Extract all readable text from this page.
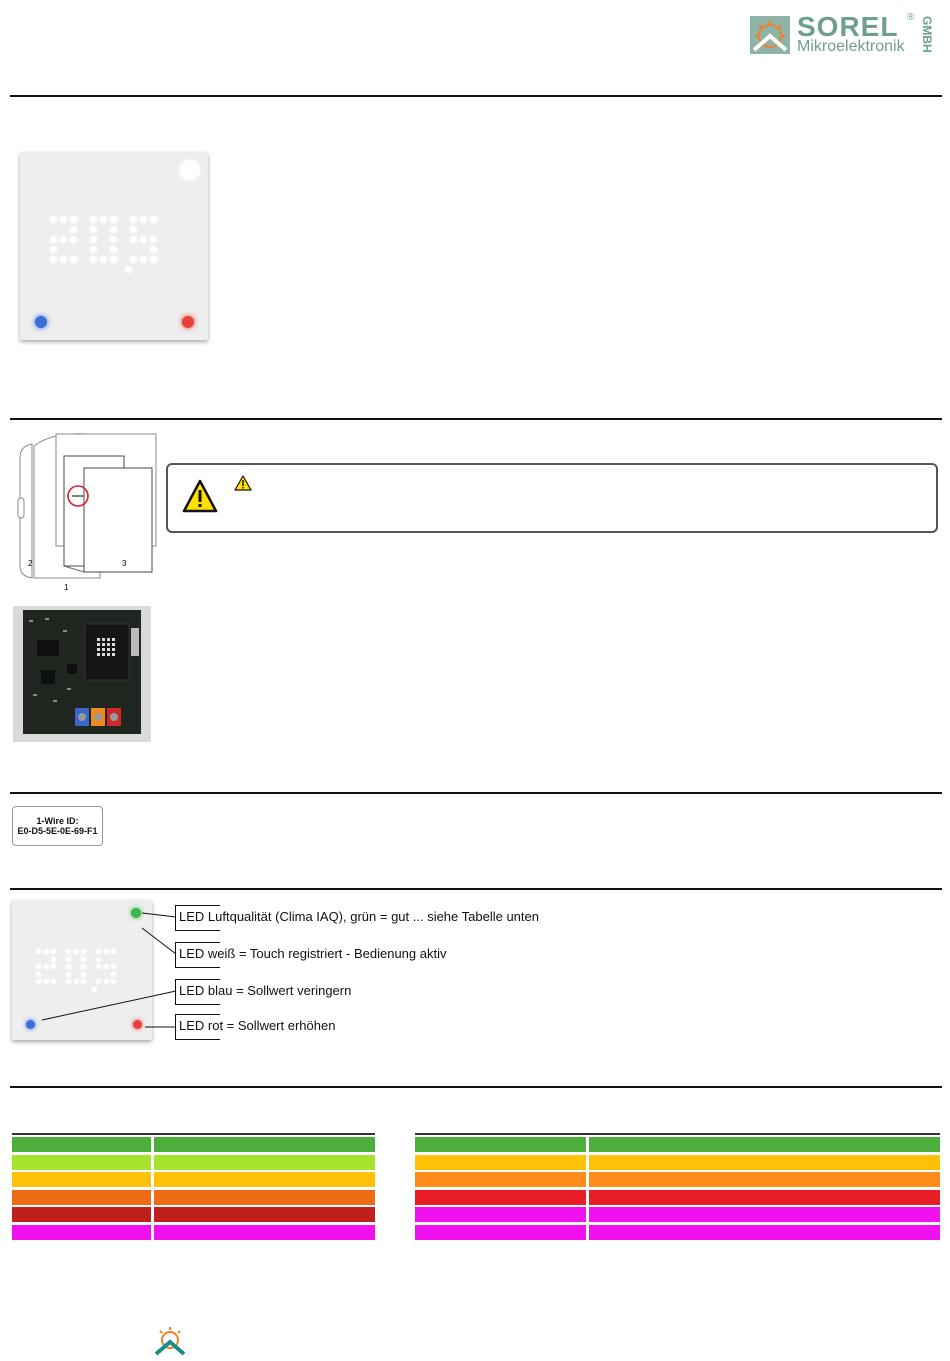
SOREL ®
Mikroelektronik GMBH
2
1
3
1-Wire ID:
E0-D5-5E-0E-69-F1
LED Luftqualität (Clima IAQ), grün = gut ... siehe Tabelle unten
LED weiß = Touch registriert - Bedienung aktiv
LED blau = Sollwert veringern
LED rot = Sollwert erhöhen
